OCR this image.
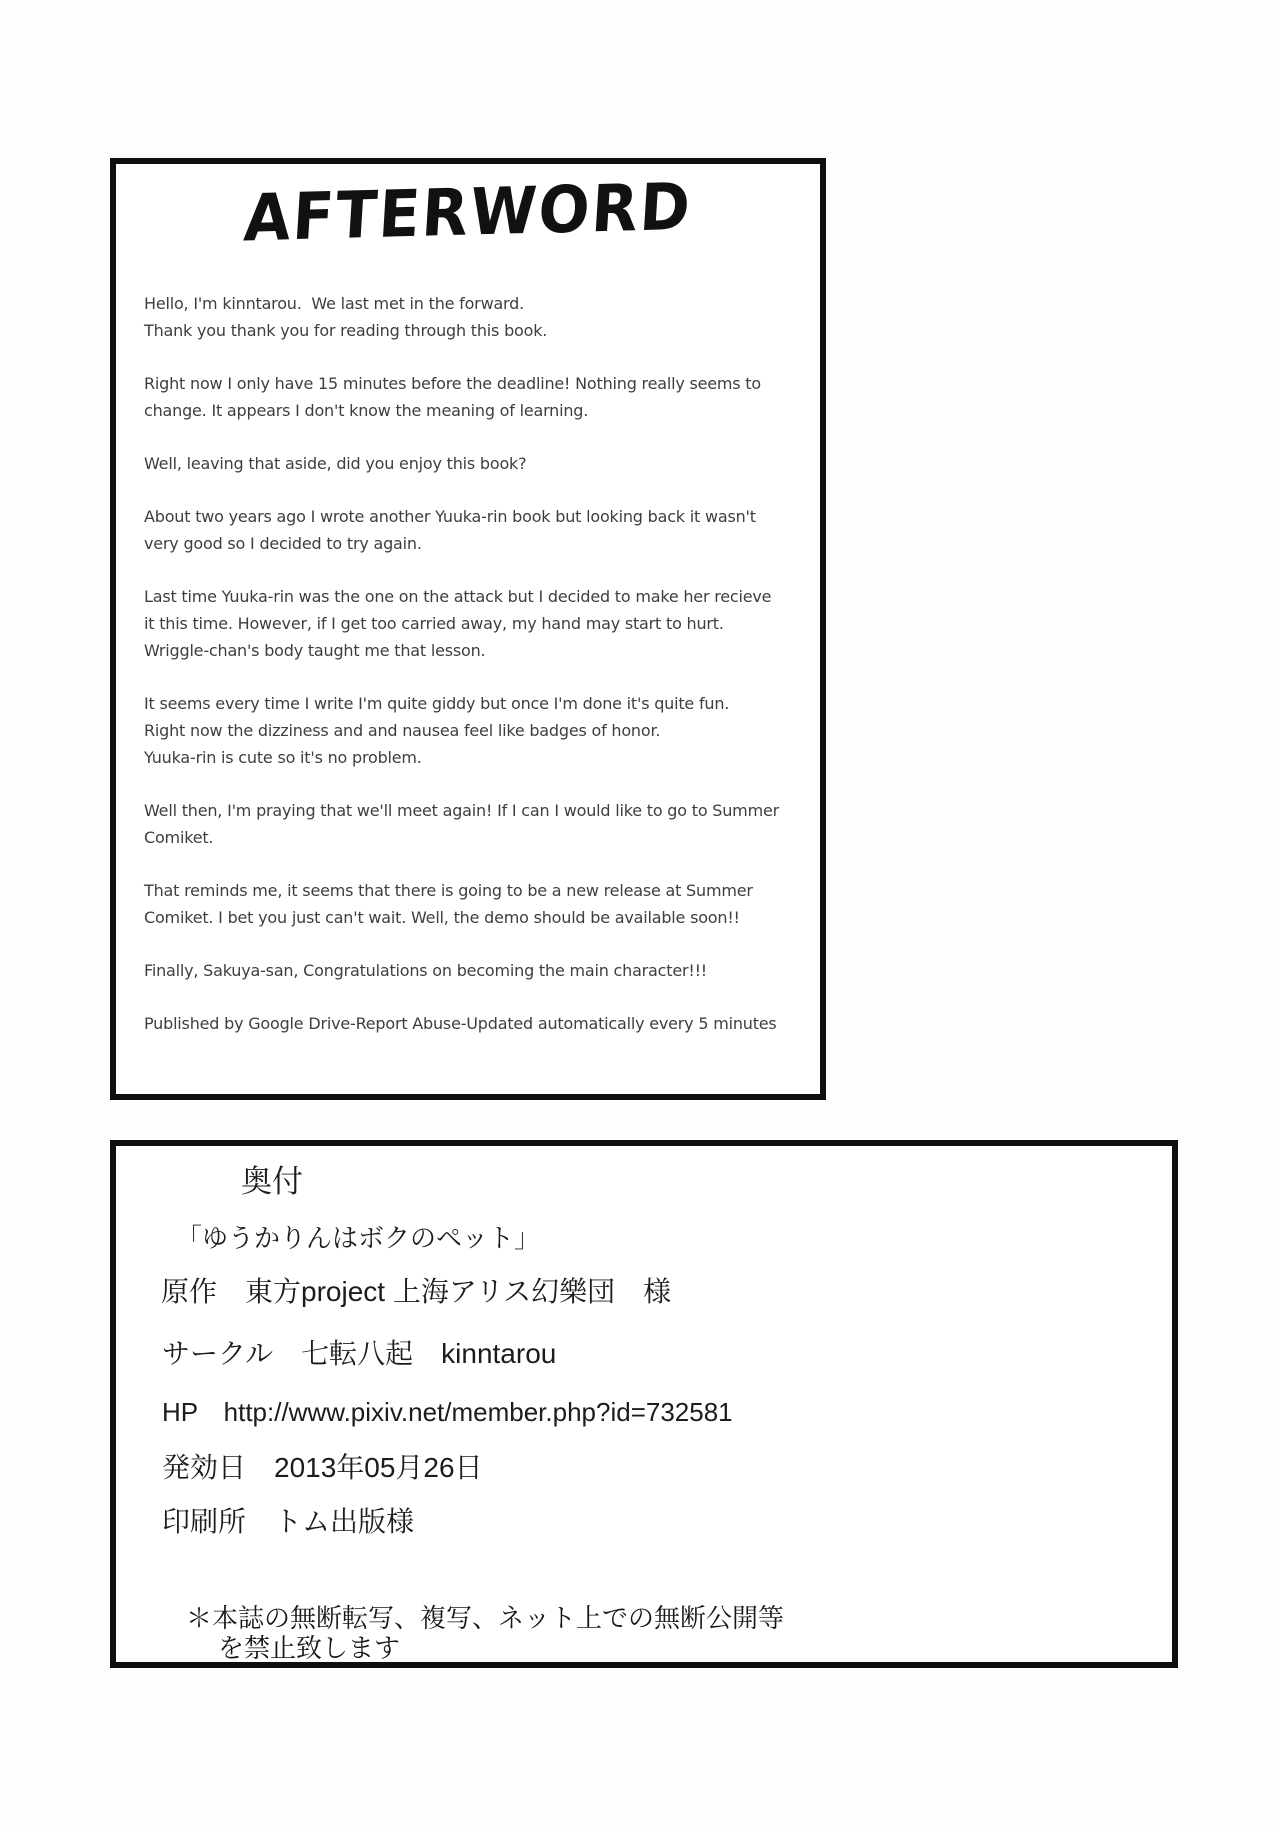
AFTERWORD
Hello, I'm kinntarou.  We last met in the forward.
Thank you thank you for reading through this book.
Right now I only have 15 minutes before the deadline! Nothing really seems to
change. It appears I don't know the meaning of learning.
Well, leaving that aside, did you enjoy this book?
About two years ago I wrote another Yuuka-rin book but looking back it wasn't
very good so I decided to try again.
Last time Yuuka-rin was the one on the attack but I decided to make her recieve
it this time. However, if I get too carried away, my hand may start to hurt.
Wriggle-chan's body taught me that lesson.
It seems every time I write I'm quite giddy but once I'm done it's quite fun.
Right now the dizziness and and nausea feel like badges of honor.
Yuuka-rin is cute so it's no problem.
Well then, I'm praying that we'll meet again! If I can I would like to go to Summer
Comiket.
That reminds me, it seems that there is going to be a new release at Summer
Comiket. I bet you just can't wait. Well, the demo should be available soon!!
Finally, Sakuya-san, Congratulations on becoming the main character!!!
Published by Google Drive-Report Abuse-Updated automatically every 5 minutes
奥付
「ゆうかりんはボクのペット」
原作　東方project 上海アリス幻樂団　様
サークル　七転八起　kinntarou
HP　http://www.pixiv.net/member.php?id=732581
発効日　2013年05月26日
印刷所　トム出版様
＊本誌の無断転写、複写、ネット上での無断公開等
を禁止致します
